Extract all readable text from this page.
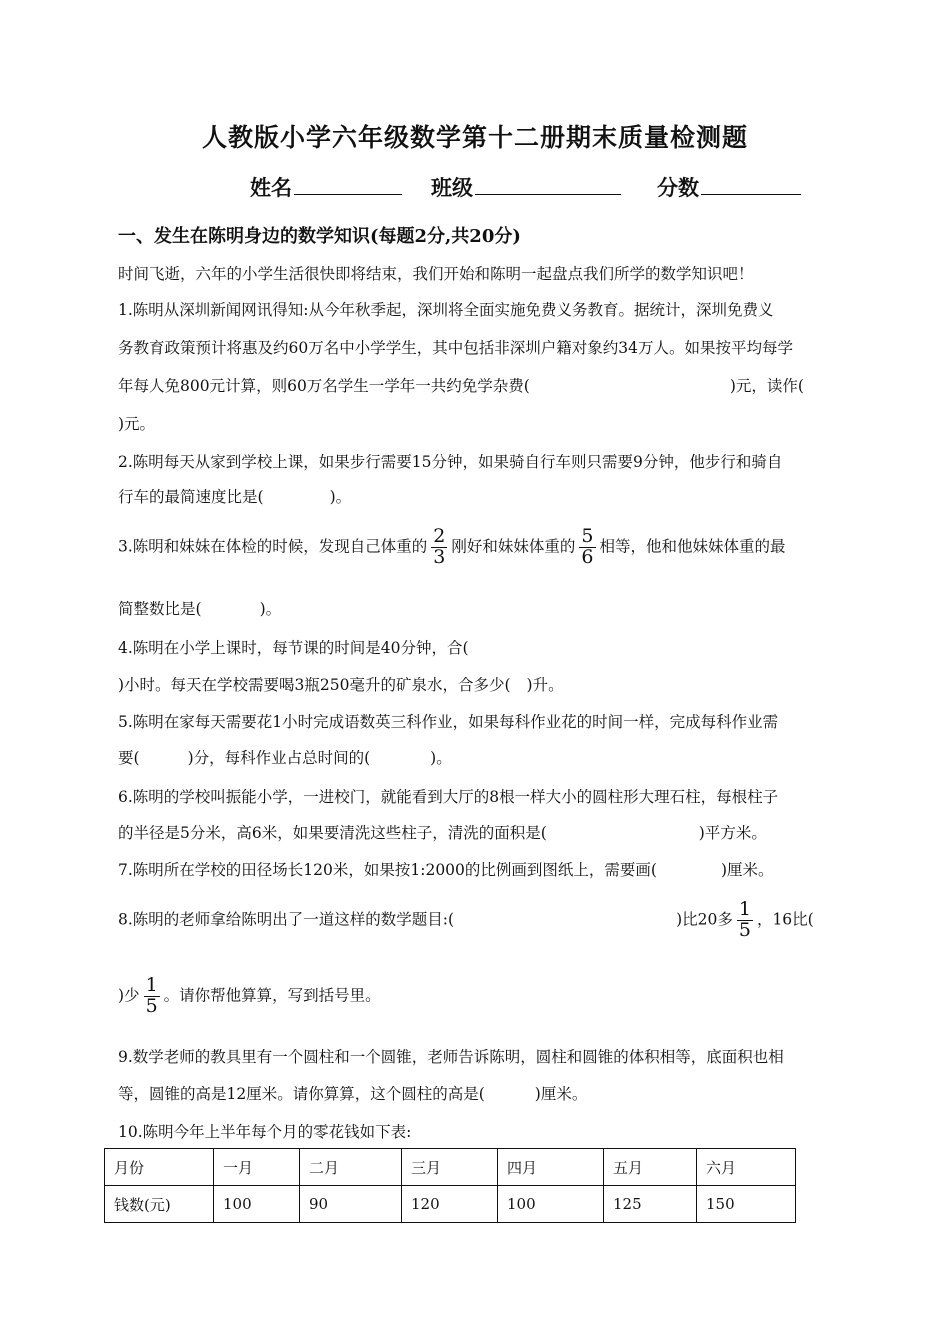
人教版小学六年级数学第十二册期末质量检测题
姓名	班级	分数
一、发生在陈明身边的数学知识(每题2分,共20分)
时间飞逝，六年的小学生活很快即将结束，我们开始和陈明一起盘点我们所学的数学知识吧！
1.陈明从深圳新闻网讯得知:从今年秋季起，深圳将全面实施免费义务教育。据统计，深圳免费义
务教育政策预计将惠及约60万名中小学学生，其中包括非深圳户籍对象约34万人。如果按平均每学
年每人免800元计算，则60万名学生一学年一共约免学杂费(	)元，读作(
)元。
2.陈明每天从家到学校上课，如果步行需要15分钟，如果骑自行车则只需要9分钟，他步行和骑自
行车的最简速度比是(	)。
3.陈明和妹妹在体检的时候，发现自己体重的 $\frac{2}{3}$ 刚好和妹妹体重的 $\frac{5}{6}$ 相等，他和他妹妹体重的最
简整数比是(	)。
4.陈明在小学上课时，每节课的时间是40分钟，合(
)小时。每天在学校需要喝3瓶250毫升的矿泉水，合多少( )升。
5.陈明在家每天需要花1小时完成语数英三科作业，如果每科作业花的时间一样，完成每科作业需
要(	)分，每科作业占总时间的(	)。
6.陈明的学校叫振能小学，一进校门，就能看到大厅的8根一样大小的圆柱形大理石柱，每根柱子
的半径是5分米，高6米，如果要清洗这些柱子，清洗的面积是(	)平方米。
7.陈明所在学校的田径场长120米，如果按1:2000的比例画到图纸上，需要画(	)厘米。
8.陈明的老师拿给陈明出了一道这样的数学题目:(	)比20多 $\frac{1}{5}$ ，16比(
)少 $\frac{1}{5}$ 。请你帮他算算，写到括号里。
9.数学老师的教具里有一个圆柱和一个圆锥，老师告诉陈明，圆柱和圆锥的体积相等，底面积也相
等，圆锥的高是12厘米。请你算算，这个圆柱的高是(	)厘米。
10.陈明今年上半年每个月的零花钱如下表:
月份	一月	二月	三月	四月	五月	六月
钱数(元)	100	90	120	100	125	150
